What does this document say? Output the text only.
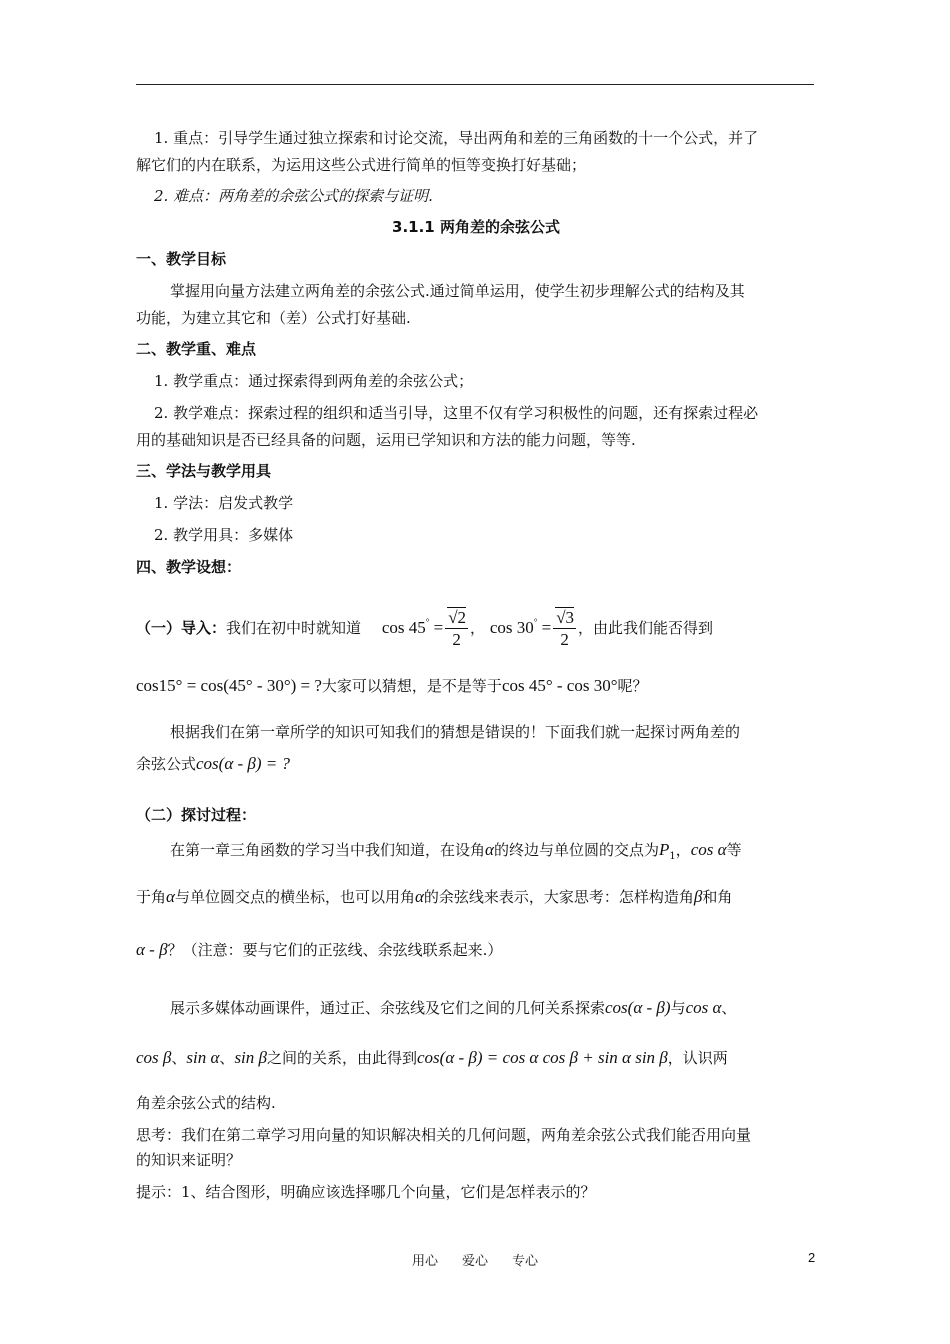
1. 重点：引导学生通过独立探索和讨论交流，导出两角和差的三角函数的十一个公式，并了
解它们的内在联系，为运用这些公式进行简单的恒等变换打好基础；
2. 难点：两角差的余弦公式的探索与证明.
3.1.1 两角差的余弦公式
一、教学目标
掌握用向量方法建立两角差的余弦公式.通过简单运用，使学生初步理解公式的结构及其
功能，为建立其它和（差）公式打好基础.
二、教学重、难点
1. 教学重点：通过探索得到两角差的余弦公式；
2. 教学难点：探索过程的组织和适当引导，这里不仅有学习积极性的问题，还有探索过程必
用的基础知识是否已经具备的问题，运用已学知识和方法的能力问题，等等.
三、学法与教学用具
1. 学法：启发式教学
2. 教学用具：多媒体
四、教学设想：
（一）导入：我们在初中时就知道 $\cos 45^\circ = \frac{√2}{2}$ ， $\cos 30^\circ = \frac{√3}{2}$ ，由此我们能否得到
cos15° = cos(45° - 30°) = ?大家可以猜想，是不是等于cos 45° - cos 30°呢？
根据我们在第一章所学的知识可知我们的猜想是错误的！下面我们就一起探讨两角差的
余弦公式cos(α - β) = ?
（二）探讨过程：
在第一章三角函数的学习当中我们知道，在设角α的终边与单位圆的交点为$P_1$，cos α等
于角α与单位圆交点的横坐标，也可以用角α的余弦线来表示，大家思考：怎样构造角β和角
α - β？（注意：要与它们的正弦线、余弦线联系起来.）
展示多媒体动画课件，通过正、余弦线及它们之间的几何关系探索cos(α - β)与cos α、
cos β、sin α、sin β之间的关系，由此得到cos(α - β) = cos α cos β + sin α sin β，认识两
角差余弦公式的结构.
思考：我们在第二章学习用向量的知识解决相关的几何问题，两角差余弦公式我们能否用向量
的知识来证明？
提示：1、结合图形，明确应该选择哪几个向量，它们是怎样表示的？
用心 爱心 专心	2
